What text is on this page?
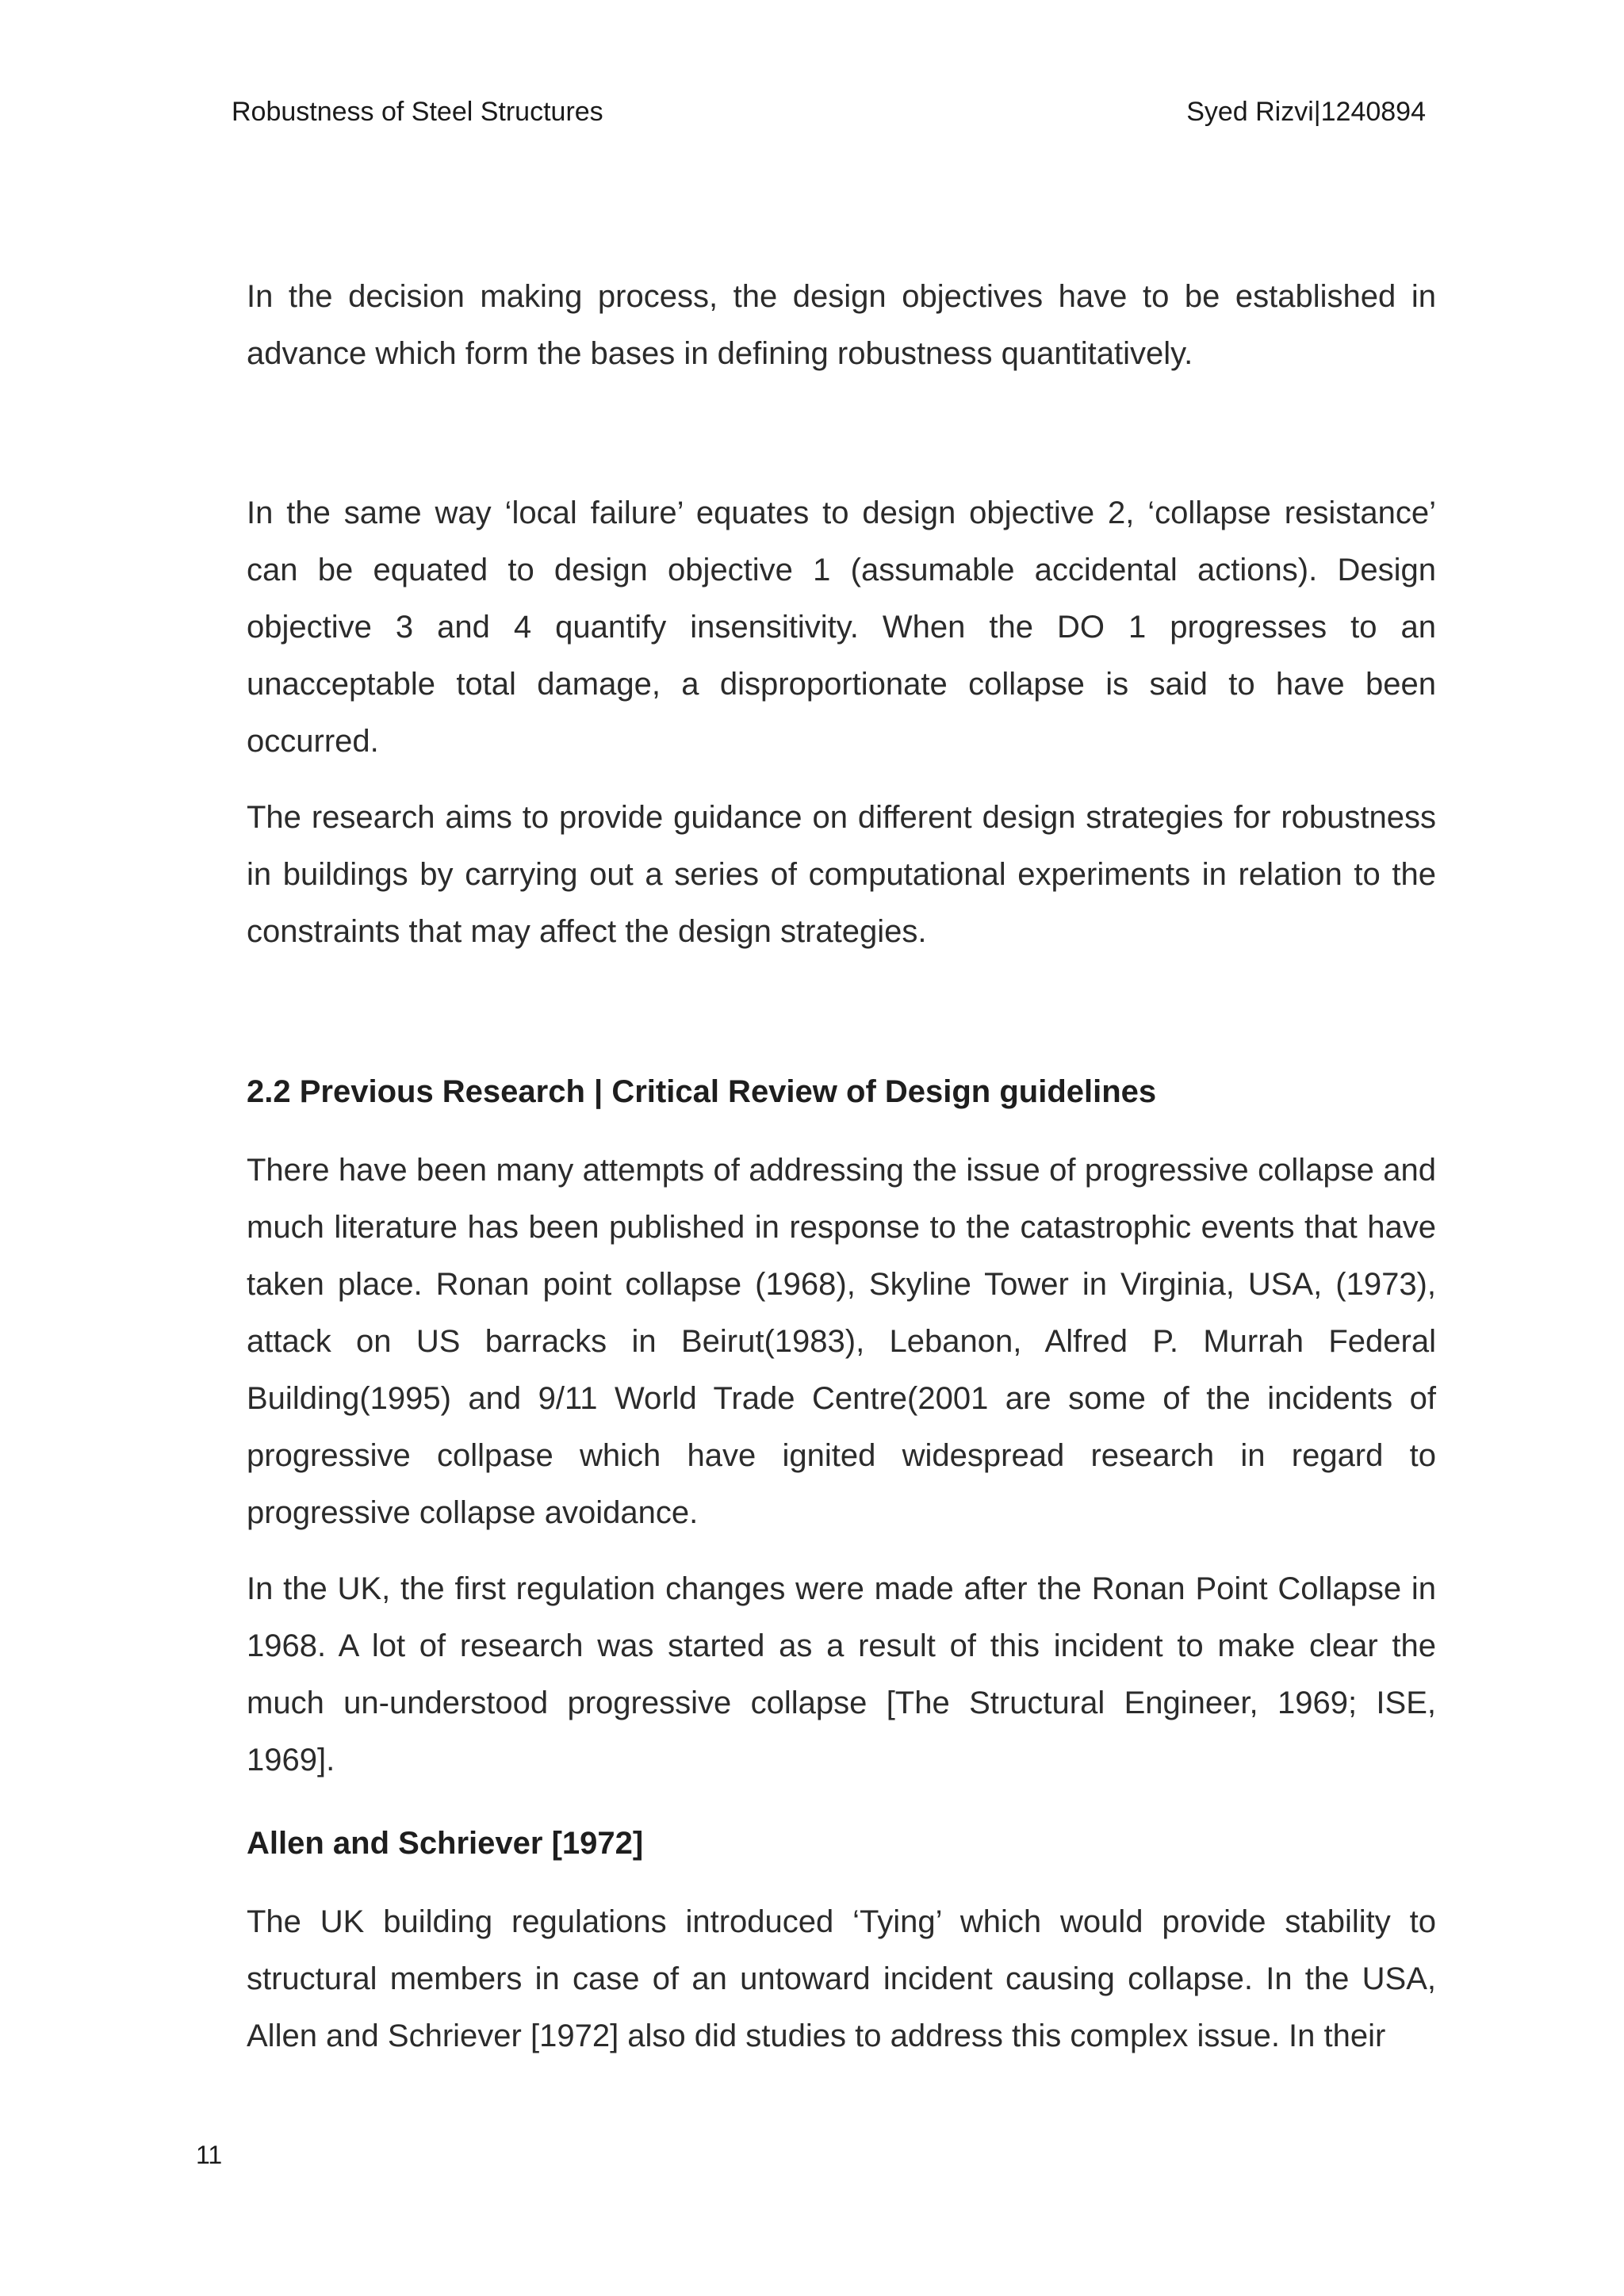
Robustness of Steel Structures	Syed Rizvi|1240894

In the decision making process, the design objectives have to be established in advance which form the bases in defining robustness quantitatively.

In the same way ‘local failure’ equates to design objective 2, ‘collapse resistance’ can be equated to design objective 1 (assumable accidental actions). Design objective 3 and 4 quantify insensitivity. When the DO 1 progresses to an unacceptable total damage, a disproportionate collapse is said to have been occurred.

The research aims to provide guidance on different design strategies for robustness in buildings by carrying out a series of computational experiments in relation to the constraints that may affect the design strategies.

2.2 Previous Research | Critical Review of Design guidelines

There have been many attempts of addressing the issue of progressive collapse and much literature has been published in response to the catastrophic events that have taken place. Ronan point collapse (1968), Skyline Tower in Virginia, USA, (1973), attack on US barracks in Beirut(1983), Lebanon, Alfred P. Murrah Federal Building(1995) and 9/11 World Trade Centre(2001 are some of the incidents of progressive collpase which have ignited widespread research in regard to progressive collapse avoidance.

In the UK, the first regulation changes were made after the Ronan Point Collapse in 1968. A lot of research was started as a result of this incident to make clear the much un-understood progressive collapse [The Structural Engineer, 1969; ISE, 1969].

Allen and Schriever [1972]

The UK building regulations introduced ‘Tying’ which would provide stability to structural members in case of an untoward incident causing collapse. In the USA, Allen and Schriever [1972] also did studies to address this complex issue. In their

11
